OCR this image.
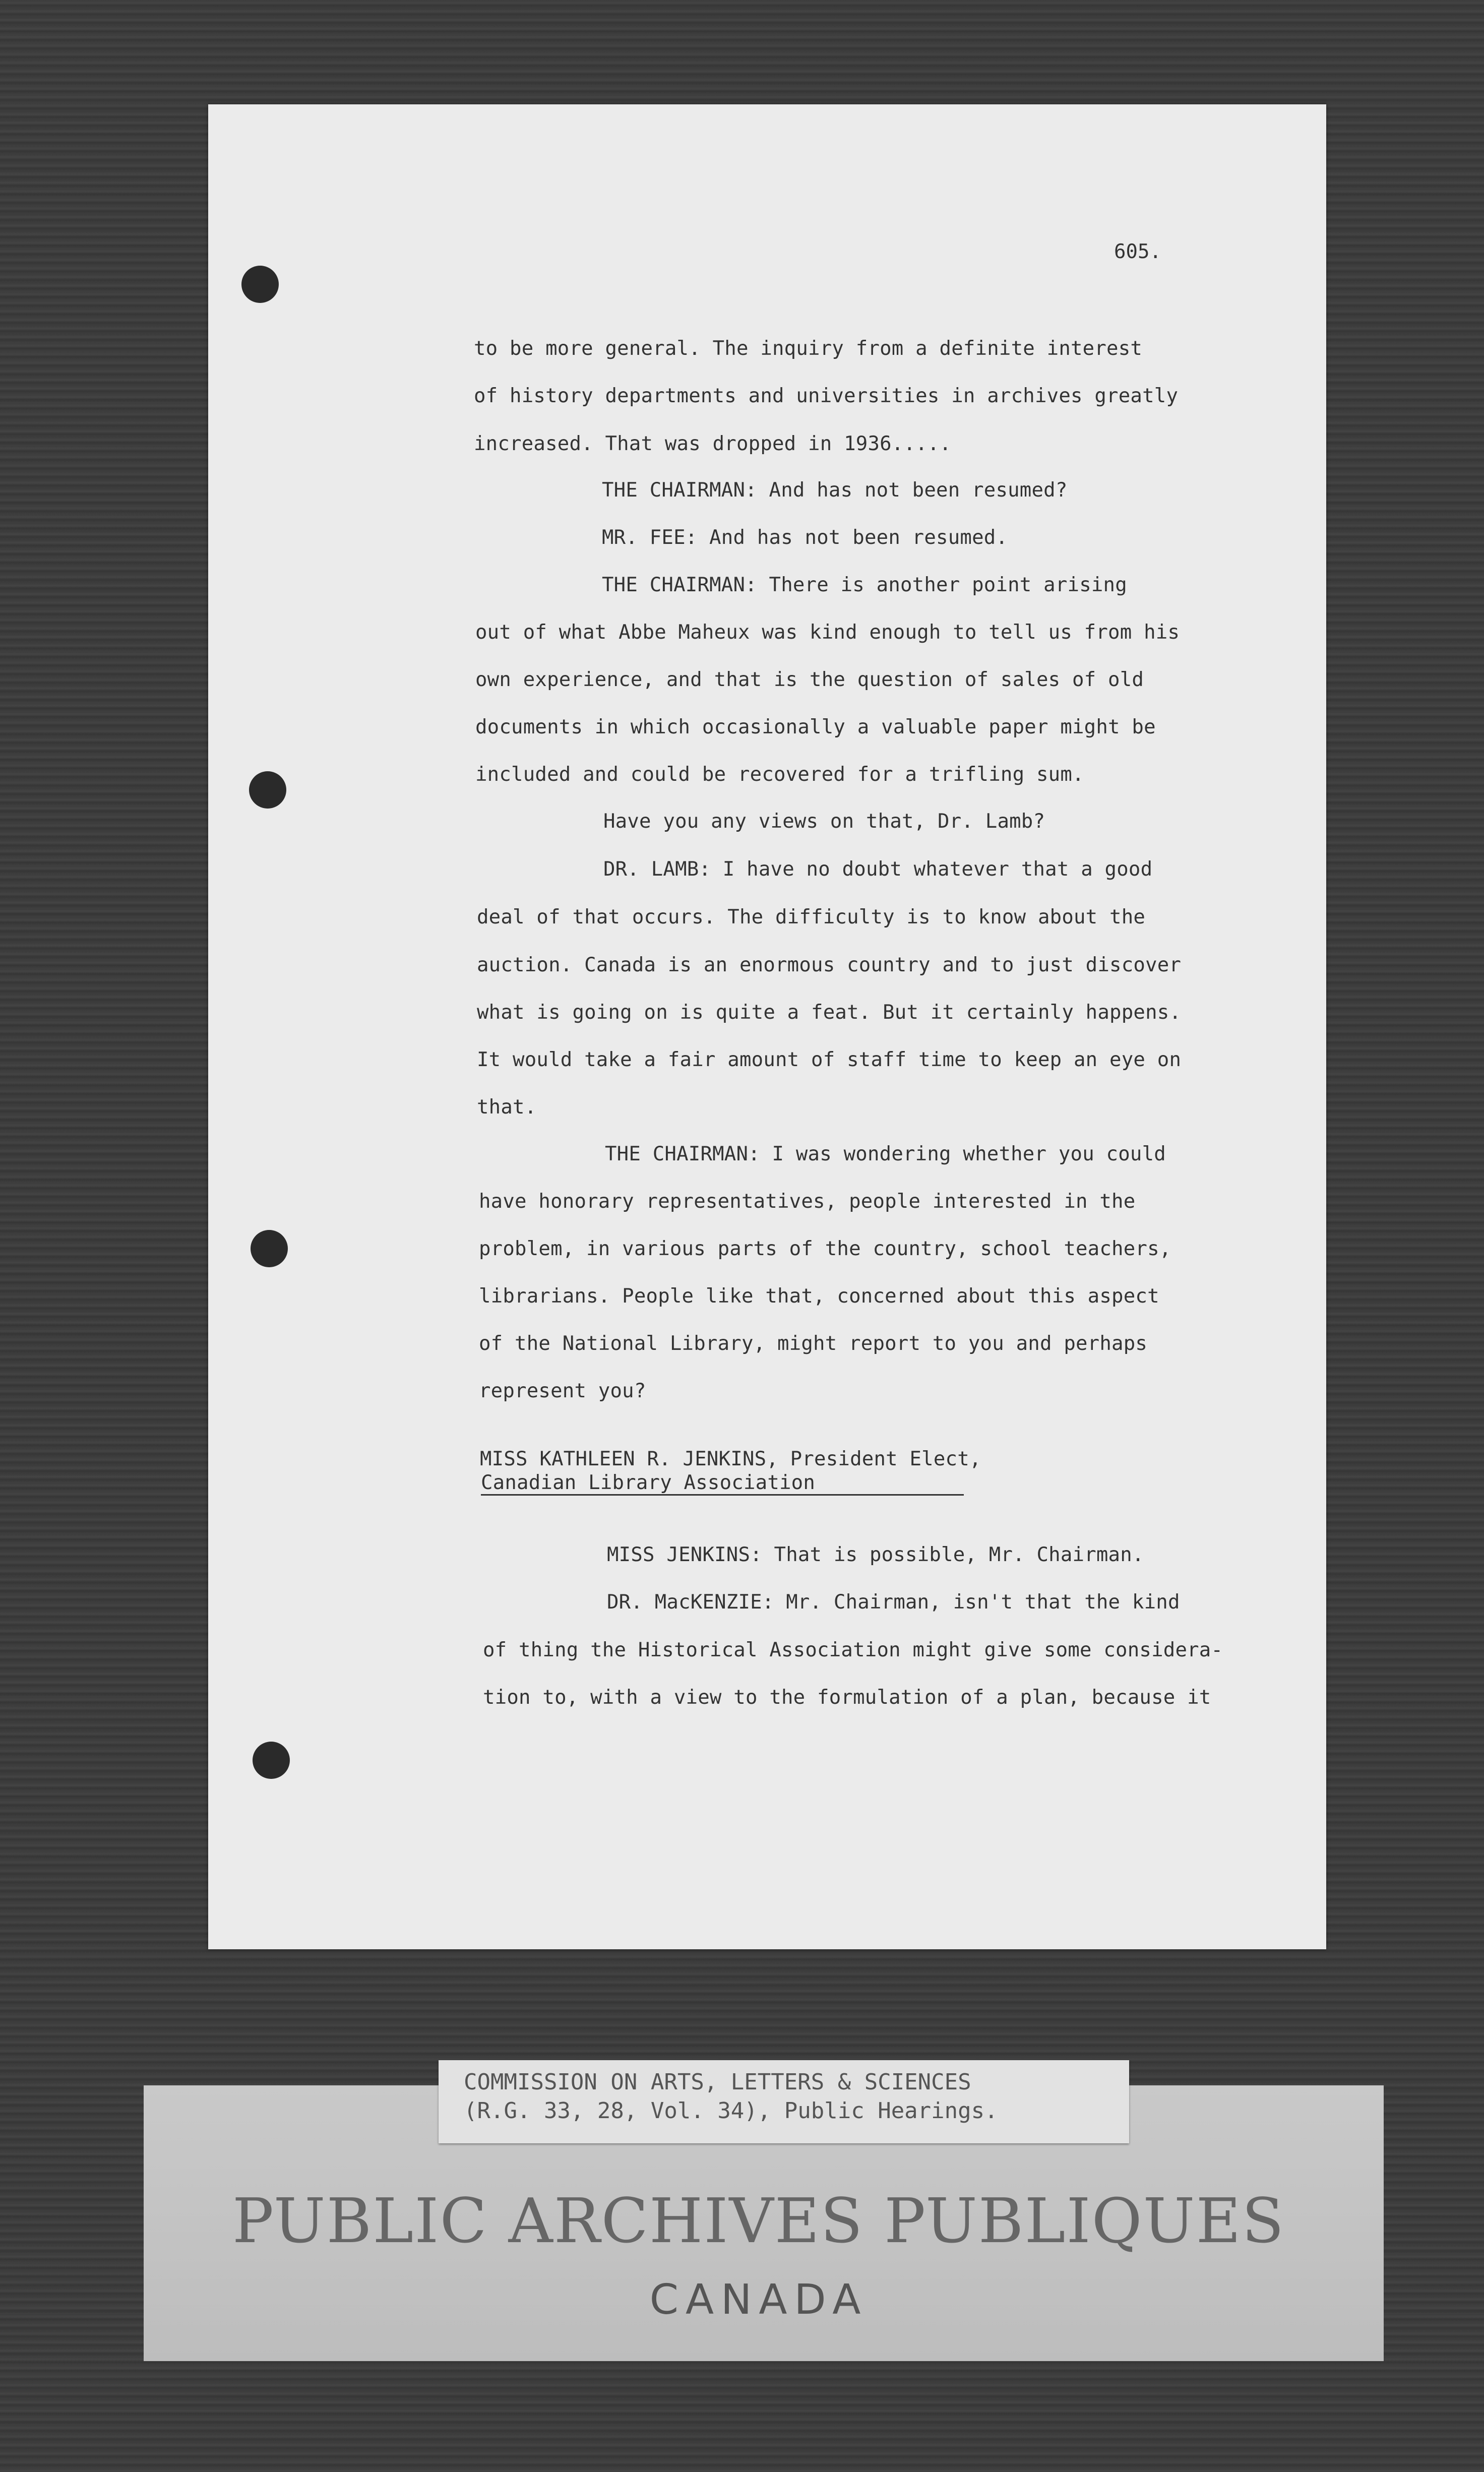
605.
to be more general. The inquiry from a definite interest
of history departments and universities in archives greatly
increased. That was dropped in 1936.....
THE CHAIRMAN: And has not been resumed?
MR. FEE: And has not been resumed.
THE CHAIRMAN: There is another point arising
out of what Abbe Maheux was kind enough to tell us from his
own experience, and that is the question of sales of old
documents in which occasionally a valuable paper might be
included and could be recovered for a trifling sum.
Have you any views on that, Dr. Lamb?
DR. LAMB: I have no doubt whatever that a good
deal of that occurs. The difficulty is to know about the
auction. Canada is an enormous country and to just discover
what is going on is quite a feat. But it certainly happens.
It would take a fair amount of staff time to keep an eye on
that.
THE CHAIRMAN: I was wondering whether you could
have honorary representatives, people interested in the
problem, in various parts of the country, school teachers,
librarians. People like that, concerned about this aspect
of the National Library, might report to you and perhaps
represent you?
MISS KATHLEEN R. JENKINS, President Elect,
Canadian Library Association
MISS JENKINS: That is possible, Mr. Chairman.
DR. MacKENZIE: Mr. Chairman, isn't that the kind
of thing the Historical Association might give some considera-
tion to, with a view to the formulation of a plan, because it
COMMISSION ON ARTS, LETTERS & SCIENCES
(R.G. 33, 28, Vol. 34), Public Hearings.
PUBLIC ARCHIVES PUBLIQUES
CANADA
